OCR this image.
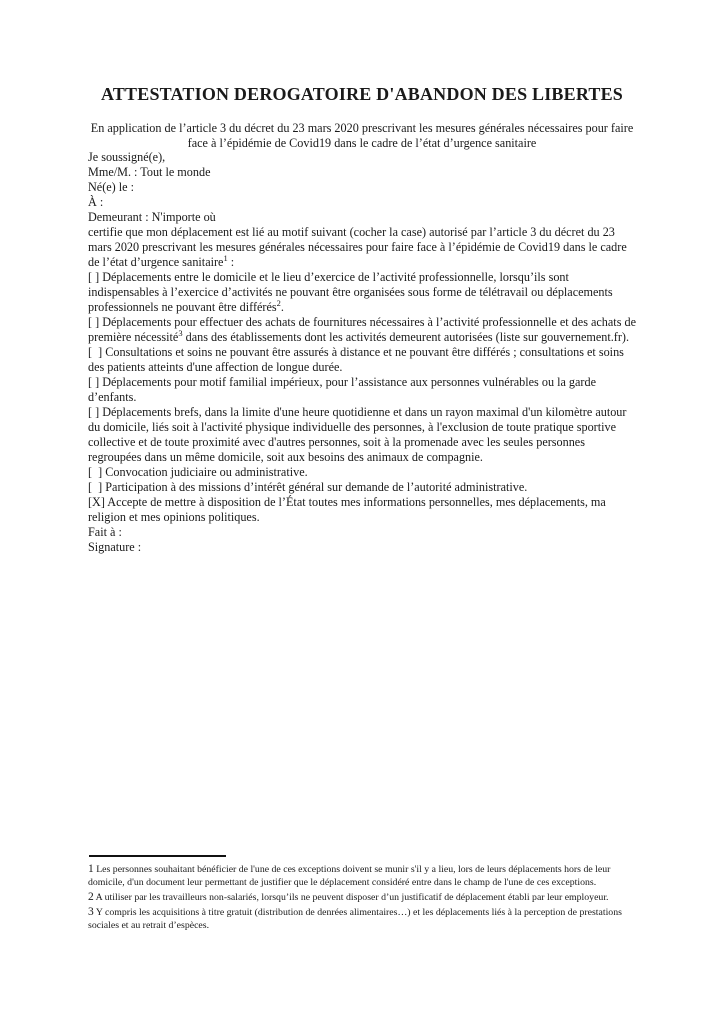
ATTESTATION DEROGATOIRE D'ABANDON DES LIBERTES

En application de l’article 3 du décret du 23 mars 2020 prescrivant les mesures générales nécessaires pour faire face à l’épidémie de Covid19 dans le cadre de l’état d’urgence sanitaire

Je soussigné(e),

Mme/M. : Tout le monde
Né(e) le :
À :
Demeurant : N'importe où

certifie que mon déplacement est lié au motif suivant (cocher la case) autorisé par l’article 3 du décret du 23 mars 2020 prescrivant les mesures générales nécessaires pour faire face à l’épidémie de Covid19 dans le cadre de l’état d’urgence sanitaire$^1$ :

[ ] Déplacements entre le domicile et le lieu d’exercice de l’activité professionnelle, lorsqu’ils sont indispensables à l’exercice d’activités ne pouvant être organisées sous forme de télétravail ou déplacements professionnels ne pouvant être différés$^2$.

[ ] Déplacements pour effectuer des achats de fournitures nécessaires à l’activité professionnelle et des achats de première nécessité$^3$ dans des établissements dont les activités demeurent autorisées (liste sur gouvernement.fr).

[  ] Consultations et soins ne pouvant être assurés à distance et ne pouvant être différés ; consultations et soins des patients atteints d'une affection de longue durée.

[ ] Déplacements pour motif familial impérieux, pour l’assistance aux personnes vulnérables ou la garde d’enfants.

[ ] Déplacements brefs, dans la limite d'une heure quotidienne et dans un rayon maximal d'un kilomètre autour du domicile, liés soit à l'activité physique individuelle des personnes, à l'exclusion de toute pratique sportive collective et de toute proximité avec d'autres personnes, soit à la promenade avec les seules personnes regroupées dans un même domicile, soit aux besoins des animaux de compagnie.

[  ] Convocation judiciaire ou administrative.

[  ] Participation à des missions d’intérêt général sur demande de l’autorité administrative.

[X] Accepte de mettre à disposition de l’État toutes mes informations personnelles, mes déplacements, ma religion et mes opinions politiques.

Fait à :

Signature :

1 Les personnes souhaitant bénéficier de l'une de ces exceptions doivent se munir s'il y a lieu, lors de leurs déplacements hors de leur domicile, d'un document leur permettant de justifier que le déplacement considéré entre dans le champ de l'une de ces exceptions.

2 A utiliser par les travailleurs non-salariés, lorsqu’ils ne peuvent disposer d’un justificatif de déplacement établi par leur employeur.

3 Y compris les acquisitions à titre gratuit (distribution de denrées alimentaires…) et les déplacements liés à la perception de prestations sociales et au retrait d’espèces.
